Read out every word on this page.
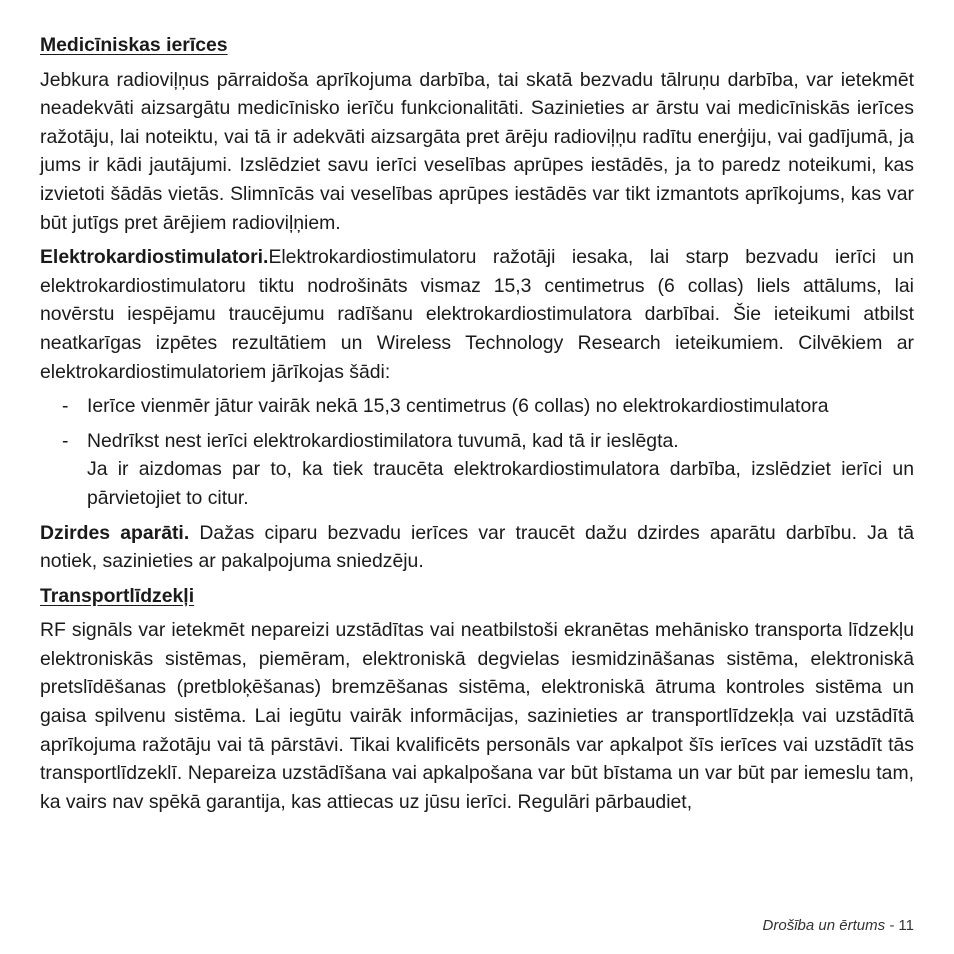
Medicīniskas ierīces
Jebkura radioviļņus pārraidoša aprīkojuma darbība, tai skatā bezvadu tālruņu darbība, var ietekmēt neadekvāti aizsargātu medicīnisko ierīču funkcionalitāti. Sazinieties ar ārstu vai medicīniskās ierīces ražotāju, lai noteiktu, vai tā ir adekvāti aizsargāta pret ārēju radioviļņu radītu enerģiju, vai gadījumā, ja jums ir kādi jautājumi. Izslēdziet savu ierīci veselības aprūpes iestādēs, ja to paredz noteikumi, kas izvietoti šādās vietās. Slimnīcās vai veselības aprūpes iestādēs var tikt izmantots aprīkojums, kas var būt jutīgs pret ārējiem radioviļņiem.
Elektrokardiostimulatori.Elektrokardiostimulatoru ražotāji iesaka, lai starp bezvadu ierīci un elektrokardiostimulatoru tiktu nodrošināts vismaz 15,3 centimetrus (6 collas) liels attālums, lai novērstu iespējamu traucējumu radīšanu elektrokardiostimulatora darbībai. Šie ieteikumi atbilst neatkarīgas izpētes rezultātiem un Wireless Technology Research ieteikumiem. Cilvēkiem ar elektrokardiostimulatoriem jārīkojas šādi:
- Ierīce vienmēr jātur vairāk nekā 15,3 centimetrus (6 collas) no elektrokardiostimulatora
- Nedrīkst nest ierīci elektrokardiostimilatora tuvumā, kad tā ir ieslēgta.
Ja ir aizdomas par to, ka tiek traucēta elektrokardiostimulatora darbība, izslēdziet ierīci un pārvietojiet to citur.
Dzirdes aparāti. Dažas ciparu bezvadu ierīces var traucēt dažu dzirdes aparātu darbību. Ja tā notiek, sazinieties ar pakalpojuma sniedzēju.
Transportlīdzekļi
RF signāls var ietekmēt nepareizi uzstādītas vai neatbilstoši ekranētas mehānisko transporta līdzekļu elektroniskās sistēmas, piemēram, elektroniskā degvielas iesmidzināšanas sistēma, elektroniskā pretslīdēšanas (pretbloķēšanas) bremzēšanas sistēma, elektroniskā ātruma kontroles sistēma un gaisa spilvenu sistēma. Lai iegūtu vairāk informācijas, sazinieties ar transportlīdzekļa vai uzstādītā aprīkojuma ražotāju vai tā pārstāvi. Tikai kvalificēts personāls var apkalpot šīs ierīces vai uzstādīt tās transportlīdzeklī. Nepareiza uzstādīšana vai apkalpošana var būt bīstama un var būt par iemeslu tam, ka vairs nav spēkā garantija, kas attiecas uz jūsu ierīci. Regulāri pārbaudiet,
Drošība un ērtums - 11
